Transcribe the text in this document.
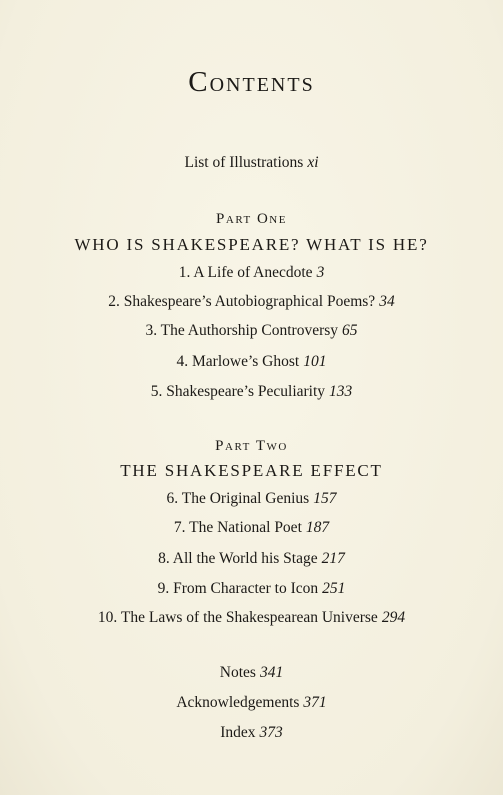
Contents
List of Illustrations xi
Part One
WHO IS SHAKESPEARE? WHAT IS HE?
1. A Life of Anecdote 3
2. Shakespeare’s Autobiographical Poems? 34
3. The Authorship Controversy 65
4. Marlowe’s Ghost 101
5. Shakespeare’s Peculiarity 133
Part Two
THE SHAKESPEARE EFFECT
6. The Original Genius 157
7. The National Poet 187
8. All the World his Stage 217
9. From Character to Icon 251
10. The Laws of the Shakespearean Universe 294
Notes 341
Acknowledgements 371
Index 373
